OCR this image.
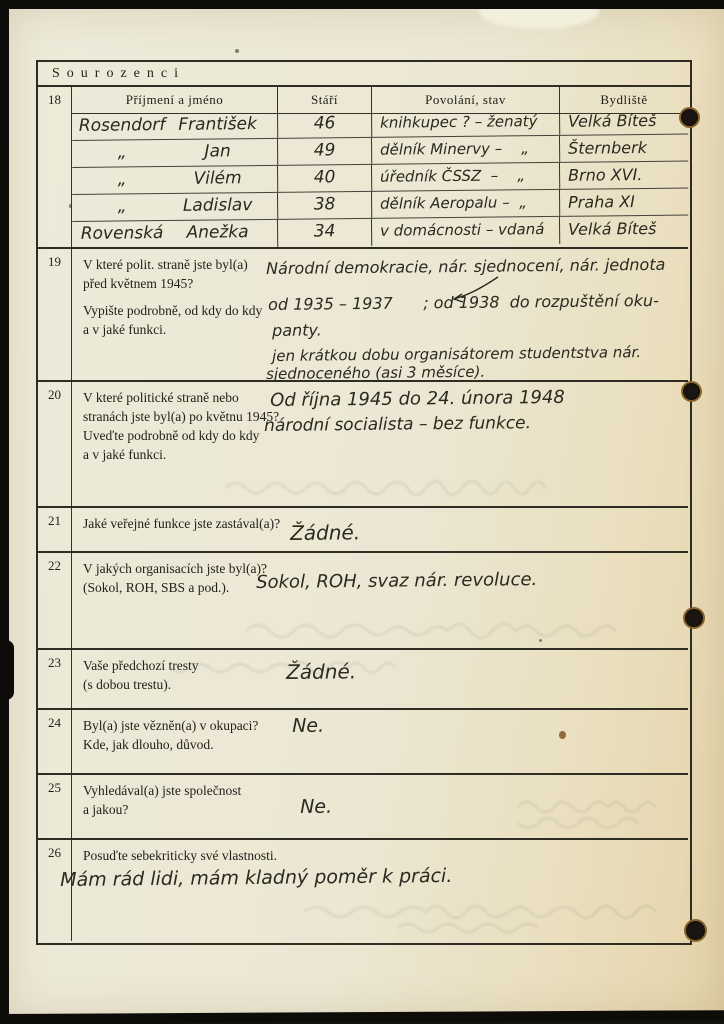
Sourozenci
18	Příjmení a jméno	Stáří	Povolání, stav	Bydliště
Rosendorf František	46	knihkupec ? – ženatý	Velká Bíteš
„	Jan	49	dělník Minervy –    „	Šternberk
„	Vilém	40	úředník ČSSZ  –    „	Brno XVI.
„	Ladislav	38	dělník Aeropalu –  „	Praha XI
Rovenská	Anežka	34	v domácnosti – vdaná	Velká Bíteš
19	V které polit. straně jste byl(a)
před květnem 1945?
Vypište podrobně, od kdy do kdy
a v jaké funkci.
Národní demokracie, nár. sjednocení, nár. jednota
od 1935 – 1937      ; od 1938  do rozpuštění oku-
panty.
jen krátkou dobu organisátorem studentstva nár.
sjednoceného (asi 3 měsíce).
20	V které politické straně nebo
stranách jste byl(a) po květnu 1945?
Uveďte podrobně od kdy do kdy
a v jaké funkci.
Od října 1945 do 24. února 1948
národní socialista – bez funkce.
21	Jaké veřejné funkce jste zastával(a)? Žádné.
22	V jakých organisacích jste byl(a)?
(Sokol, ROH, SBS a pod.).	Sokol, ROH, svaz nár. revoluce.
23	Vaše předchozí tresty
(s dobou trestu).
Žádné.
24	Byl(a) jste vězněn(a) v okupaci?
Kde, jak dlouho, důvod.
Ne.
25	Vyhledával(a) jste společnost
a jakou?	Ne.
26	Posuďte sebekriticky své vlastnosti.
Mám rád lidi, mám kladný poměr k práci.
